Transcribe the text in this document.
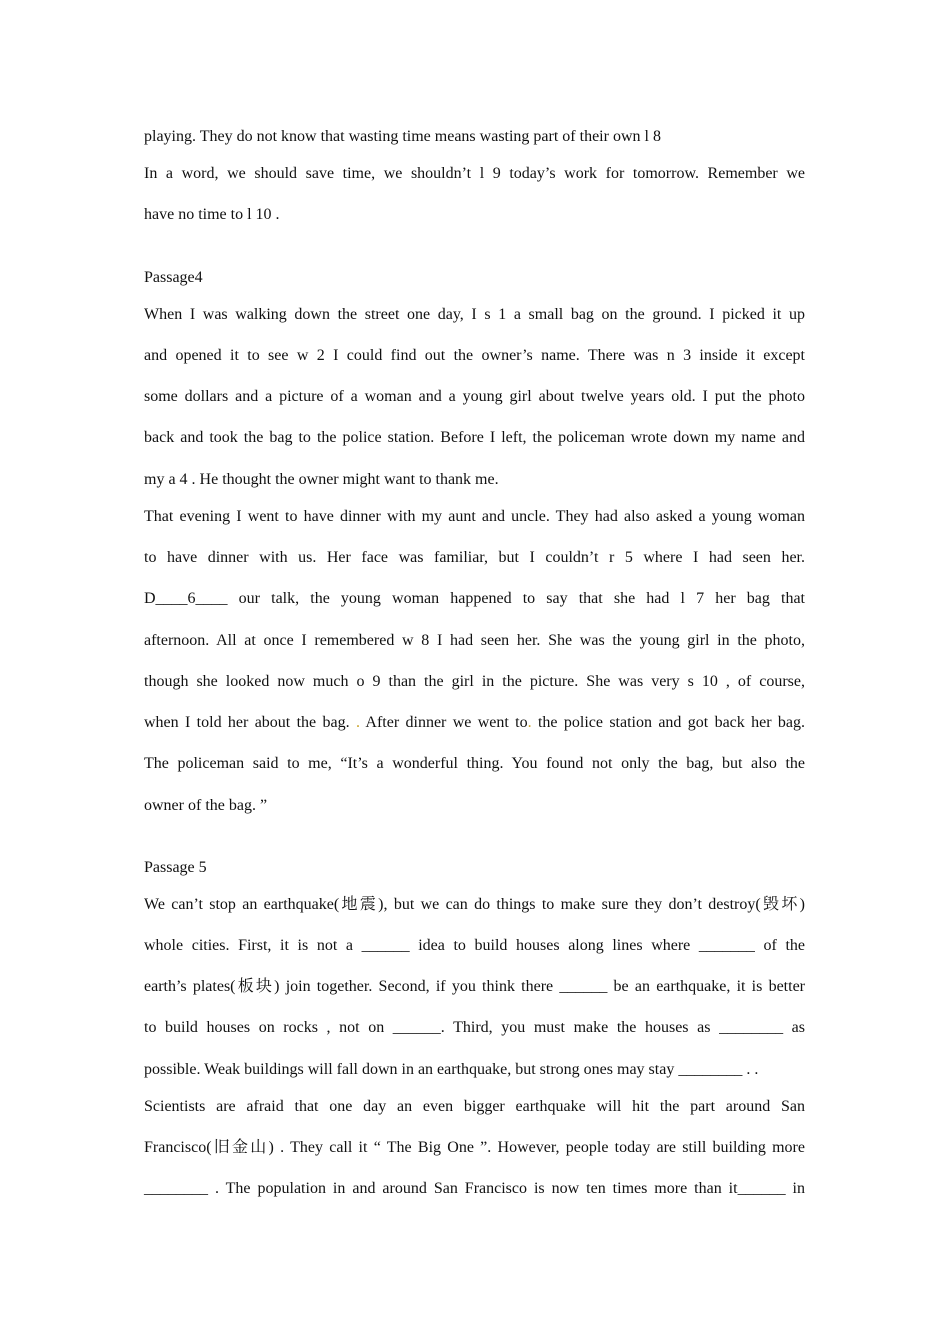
playing. They do not know that wasting time means wasting part of their own l 8
In a word, we should save time, we shouldn’t l 9 today’s work for tomorrow. Remember we
have no time to l 10 .
Passage4
When I was walking down the street one day, I s 1 a small bag on the ground. I picked it up
and opened it to see w 2 I could find out the owner’s name. There was n 3 inside it except
some dollars and a picture of a woman and a young girl about twelve years old. I put the photo
back and took the bag to the police station. Before I left, the policeman wrote down my name and
my a 4 . He thought the owner might want to thank me.
That evening I went to have dinner with my aunt and uncle. They had also asked a young woman
to have dinner with us. Her face was familiar, but I couldn’t r 5 where I had seen her.
D____6____ our talk, the young woman happened to say that she had l 7 her bag that
afternoon. All at once I remembered w 8 I had seen her. She was the young girl in the photo,
though she looked now much o 9 than the girl in the picture. She was very s 10 , of course,
when I told her about the bag. . After dinner we went to. the police station and got back her bag.
The policeman said to me, “It’s a wonderful thing. You found not only the bag, but also the
owner of the bag. ”
Passage 5
We can’t stop an earthquake(地震), but we can do things to make sure they don’t destroy(毁坏)
whole cities. First, it is not a ______ idea to build houses along lines where _______ of the
earth’s plates(板块) join together. Second, if you think there ______ be an earthquake, it is better
to build houses on rocks , not on ______. Third, you must make the houses as ________ as
possible. Weak buildings will fall down in an earthquake, but strong ones may stay ________ . .
Scientists are afraid that one day an even bigger earthquake will hit the part around San
Francisco(旧金山) . They call it “ The Big One ”. However, people today are still building more
________ . The population in and around San Francisco is now ten times more than it______ in
